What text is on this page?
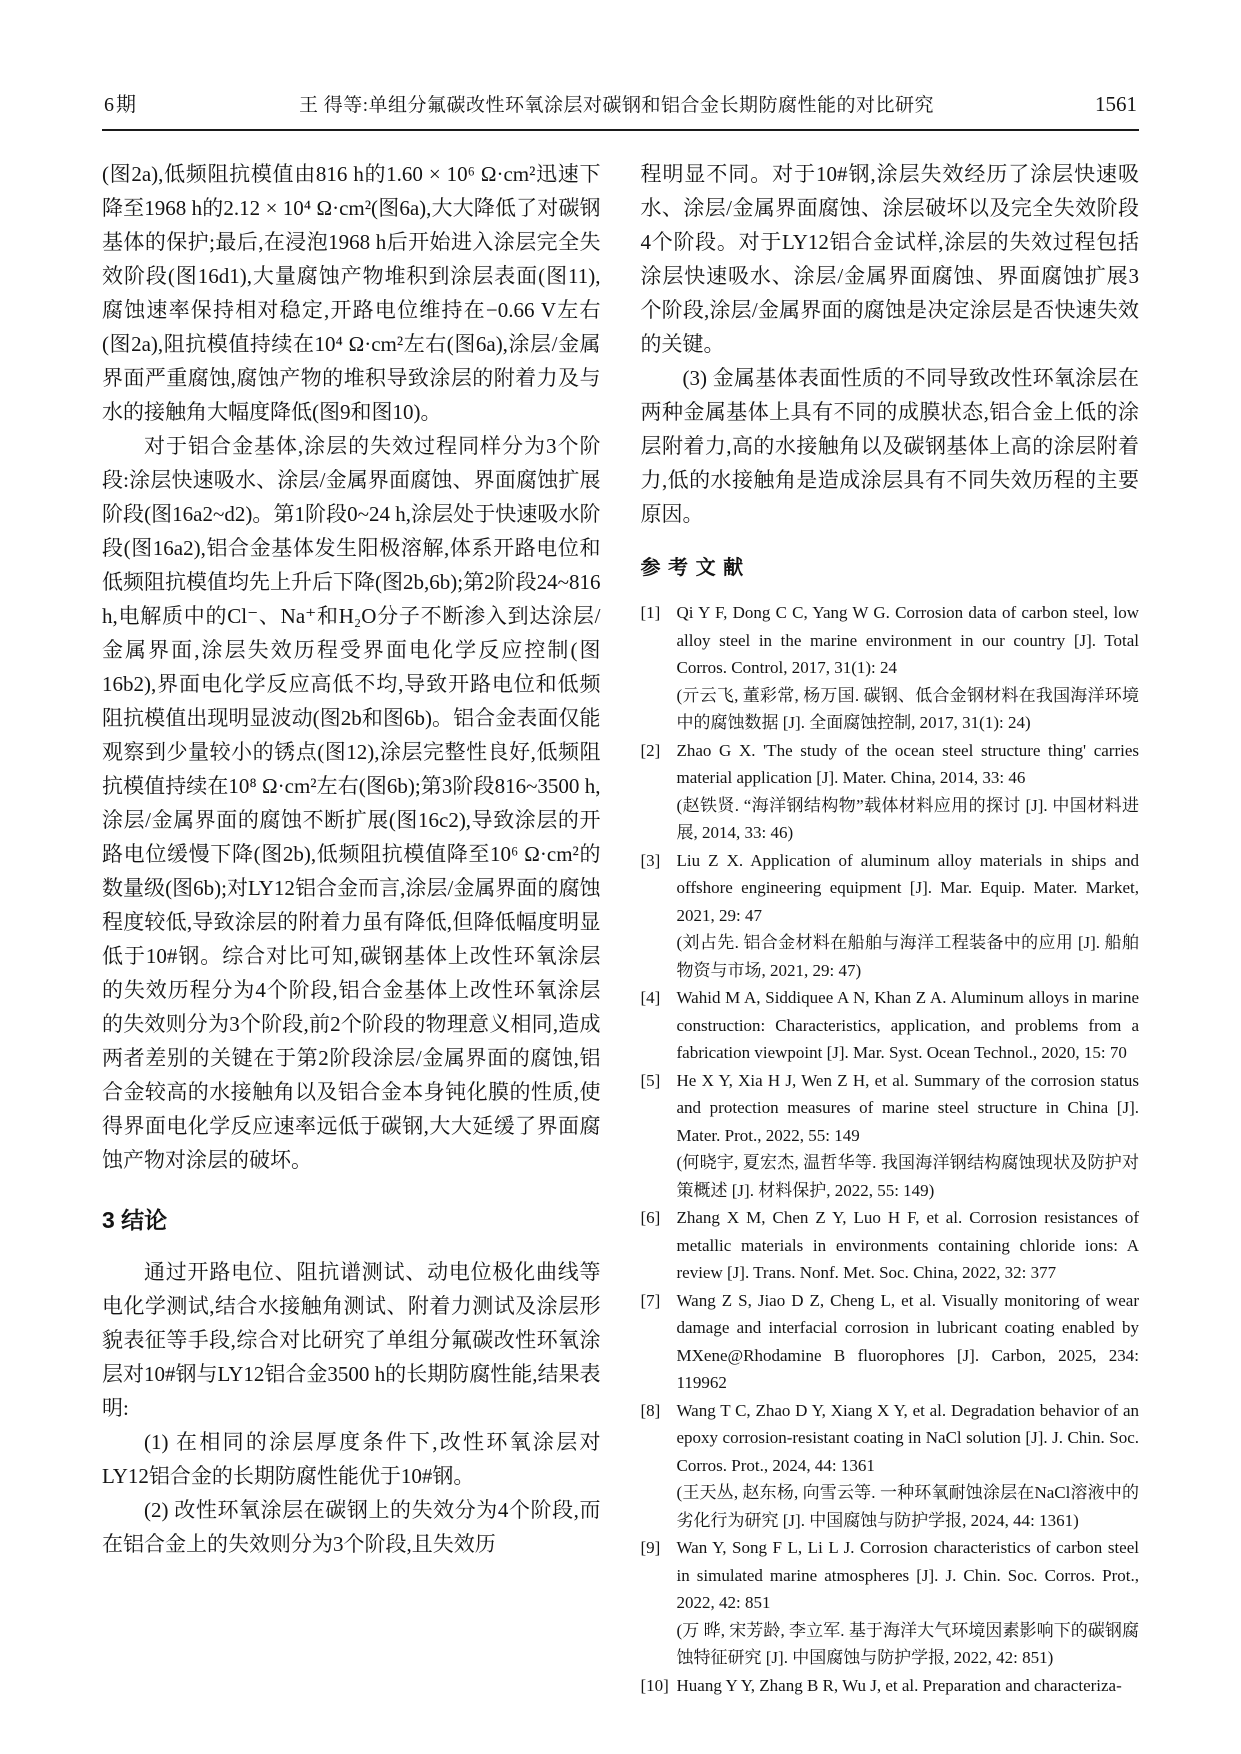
6期	王 得等:单组分氟碳改性环氧涂层对碳钢和铝合金长期防腐性能的对比研究	1561

(图2a),低频阻抗模值由816 h的1.60 × 10⁶ Ω·cm²迅速下降至1968 h的2.12 × 10⁴ Ω·cm²(图6a),大大降低了对碳钢基体的保护;最后,在浸泡1968 h后开始进入涂层完全失效阶段(图16d1),大量腐蚀产物堆积到涂层表面(图11),腐蚀速率保持相对稳定,开路电位维持在−0.66 V左右(图2a),阻抗模值持续在10⁴ Ω·cm²左右(图6a),涂层/金属界面严重腐蚀,腐蚀产物的堆积导致涂层的附着力及与水的接触角大幅度降低(图9和图10)。

对于铝合金基体,涂层的失效过程同样分为3个阶段:涂层快速吸水、涂层/金属界面腐蚀、界面腐蚀扩展阶段(图16a2~d2)。第1阶段0~24 h,涂层处于快速吸水阶段(图16a2),铝合金基体发生阳极溶解,体系开路电位和低频阻抗模值均先上升后下降(图2b,6b);第2阶段24~816 h,电解质中的Cl⁻、Na⁺和H₂O分子不断渗入到达涂层/金属界面,涂层失效历程受界面电化学反应控制(图16b2),界面电化学反应高低不均,导致开路电位和低频阻抗模值出现明显波动(图2b和图6b)。铝合金表面仅能观察到少量较小的锈点(图12),涂层完整性良好,低频阻抗模值持续在10⁸ Ω·cm²左右(图6b);第3阶段816~3500 h,涂层/金属界面的腐蚀不断扩展(图16c2),导致涂层的开路电位缓慢下降(图2b),低频阻抗模值降至10⁶ Ω·cm²的数量级(图6b);对LY12铝合金而言,涂层/金属界面的腐蚀程度较低,导致涂层的附着力虽有降低,但降低幅度明显低于10#钢。综合对比可知,碳钢基体上改性环氧涂层的失效历程分为4个阶段,铝合金基体上改性环氧涂层的失效则分为3个阶段,前2个阶段的物理意义相同,造成两者差别的关键在于第2阶段涂层/金属界面的腐蚀,铝合金较高的水接触角以及铝合金本身钝化膜的性质,使得界面电化学反应速率远低于碳钢,大大延缓了界面腐蚀产物对涂层的破坏。

3 结论

通过开路电位、阻抗谱测试、动电位极化曲线等电化学测试,结合水接触角测试、附着力测试及涂层形貌表征等手段,综合对比研究了单组分氟碳改性环氧涂层对10#钢与LY12铝合金3500 h的长期防腐性能,结果表明:

(1) 在相同的涂层厚度条件下,改性环氧涂层对LY12铝合金的长期防腐性能优于10#钢。

(2) 改性环氧涂层在碳钢上的失效分为4个阶段,而在铝合金上的失效则分为3个阶段,且失效历

程明显不同。对于10#钢,涂层失效经历了涂层快速吸水、涂层/金属界面腐蚀、涂层破坏以及完全失效阶段4个阶段。对于LY12铝合金试样,涂层的失效过程包括涂层快速吸水、涂层/金属界面腐蚀、界面腐蚀扩展3个阶段,涂层/金属界面的腐蚀是决定涂层是否快速失效的关键。

(3) 金属基体表面性质的不同导致改性环氧涂层在两种金属基体上具有不同的成膜状态,铝合金上低的涂层附着力,高的水接触角以及碳钢基体上高的涂层附着力,低的水接触角是造成涂层具有不同失效历程的主要原因。

参 考 文 献
[1] Qi Y F, Dong C C, Yang W G. Corrosion data of carbon steel, low alloy steel in the marine environment in our country [J]. Total Corros. Control, 2017, 31(1): 24
(亓云飞, 董彩常, 杨万国. 碳钢、低合金钢材料在我国海洋环境中的腐蚀数据 [J]. 全面腐蚀控制, 2017, 31(1): 24)
[2] Zhao G X. 'The study of the ocean steel structure thing' carries material application [J]. Mater. China, 2014, 33: 46
(赵铁贤. “海洋钢结构物”载体材料应用的探讨 [J]. 中国材料进展, 2014, 33: 46)
[3] Liu Z X. Application of aluminum alloy materials in ships and offshore engineering equipment [J]. Mar. Equip. Mater. Market, 2021, 29: 47
(刘占先. 铝合金材料在船舶与海洋工程装备中的应用 [J]. 船舶物资与市场, 2021, 29: 47)
[4] Wahid M A, Siddiquee A N, Khan Z A. Aluminum alloys in marine construction: Characteristics, application, and problems from a fabrication viewpoint [J]. Mar. Syst. Ocean Technol., 2020, 15: 70
[5] He X Y, Xia H J, Wen Z H, et al. Summary of the corrosion status and protection measures of marine steel structure in China [J]. Mater. Prot., 2022, 55: 149
(何晓宇, 夏宏杰, 温哲华等. 我国海洋钢结构腐蚀现状及防护对策概述 [J]. 材料保护, 2022, 55: 149)
[6] Zhang X M, Chen Z Y, Luo H F, et al. Corrosion resistances of metallic materials in environments containing chloride ions: A review [J]. Trans. Nonf. Met. Soc. China, 2022, 32: 377
[7] Wang Z S, Jiao D Z, Cheng L, et al. Visually monitoring of wear damage and interfacial corrosion in lubricant coating enabled by MXene@Rhodamine B fluorophores [J]. Carbon, 2025, 234: 119962
[8] Wang T C, Zhao D Y, Xiang X Y, et al. Degradation behavior of an epoxy corrosion-resistant coating in NaCl solution [J]. J. Chin. Soc. Corros. Prot., 2024, 44: 1361
(王天丛, 赵东杨, 向雪云等. 一种环氧耐蚀涂层在NaCl溶液中的劣化行为研究 [J]. 中国腐蚀与防护学报, 2024, 44: 1361)
[9] Wan Y, Song F L, Li L J. Corrosion characteristics of carbon steel in simulated marine atmospheres [J]. J. Chin. Soc. Corros. Prot., 2022, 42: 851
(万 晔, 宋芳龄, 李立军. 基于海洋大气环境因素影响下的碳钢腐蚀特征研究 [J]. 中国腐蚀与防护学报, 2022, 42: 851)
[10] Huang Y Y, Zhang B R, Wu J, et al. Preparation and characteriza-
